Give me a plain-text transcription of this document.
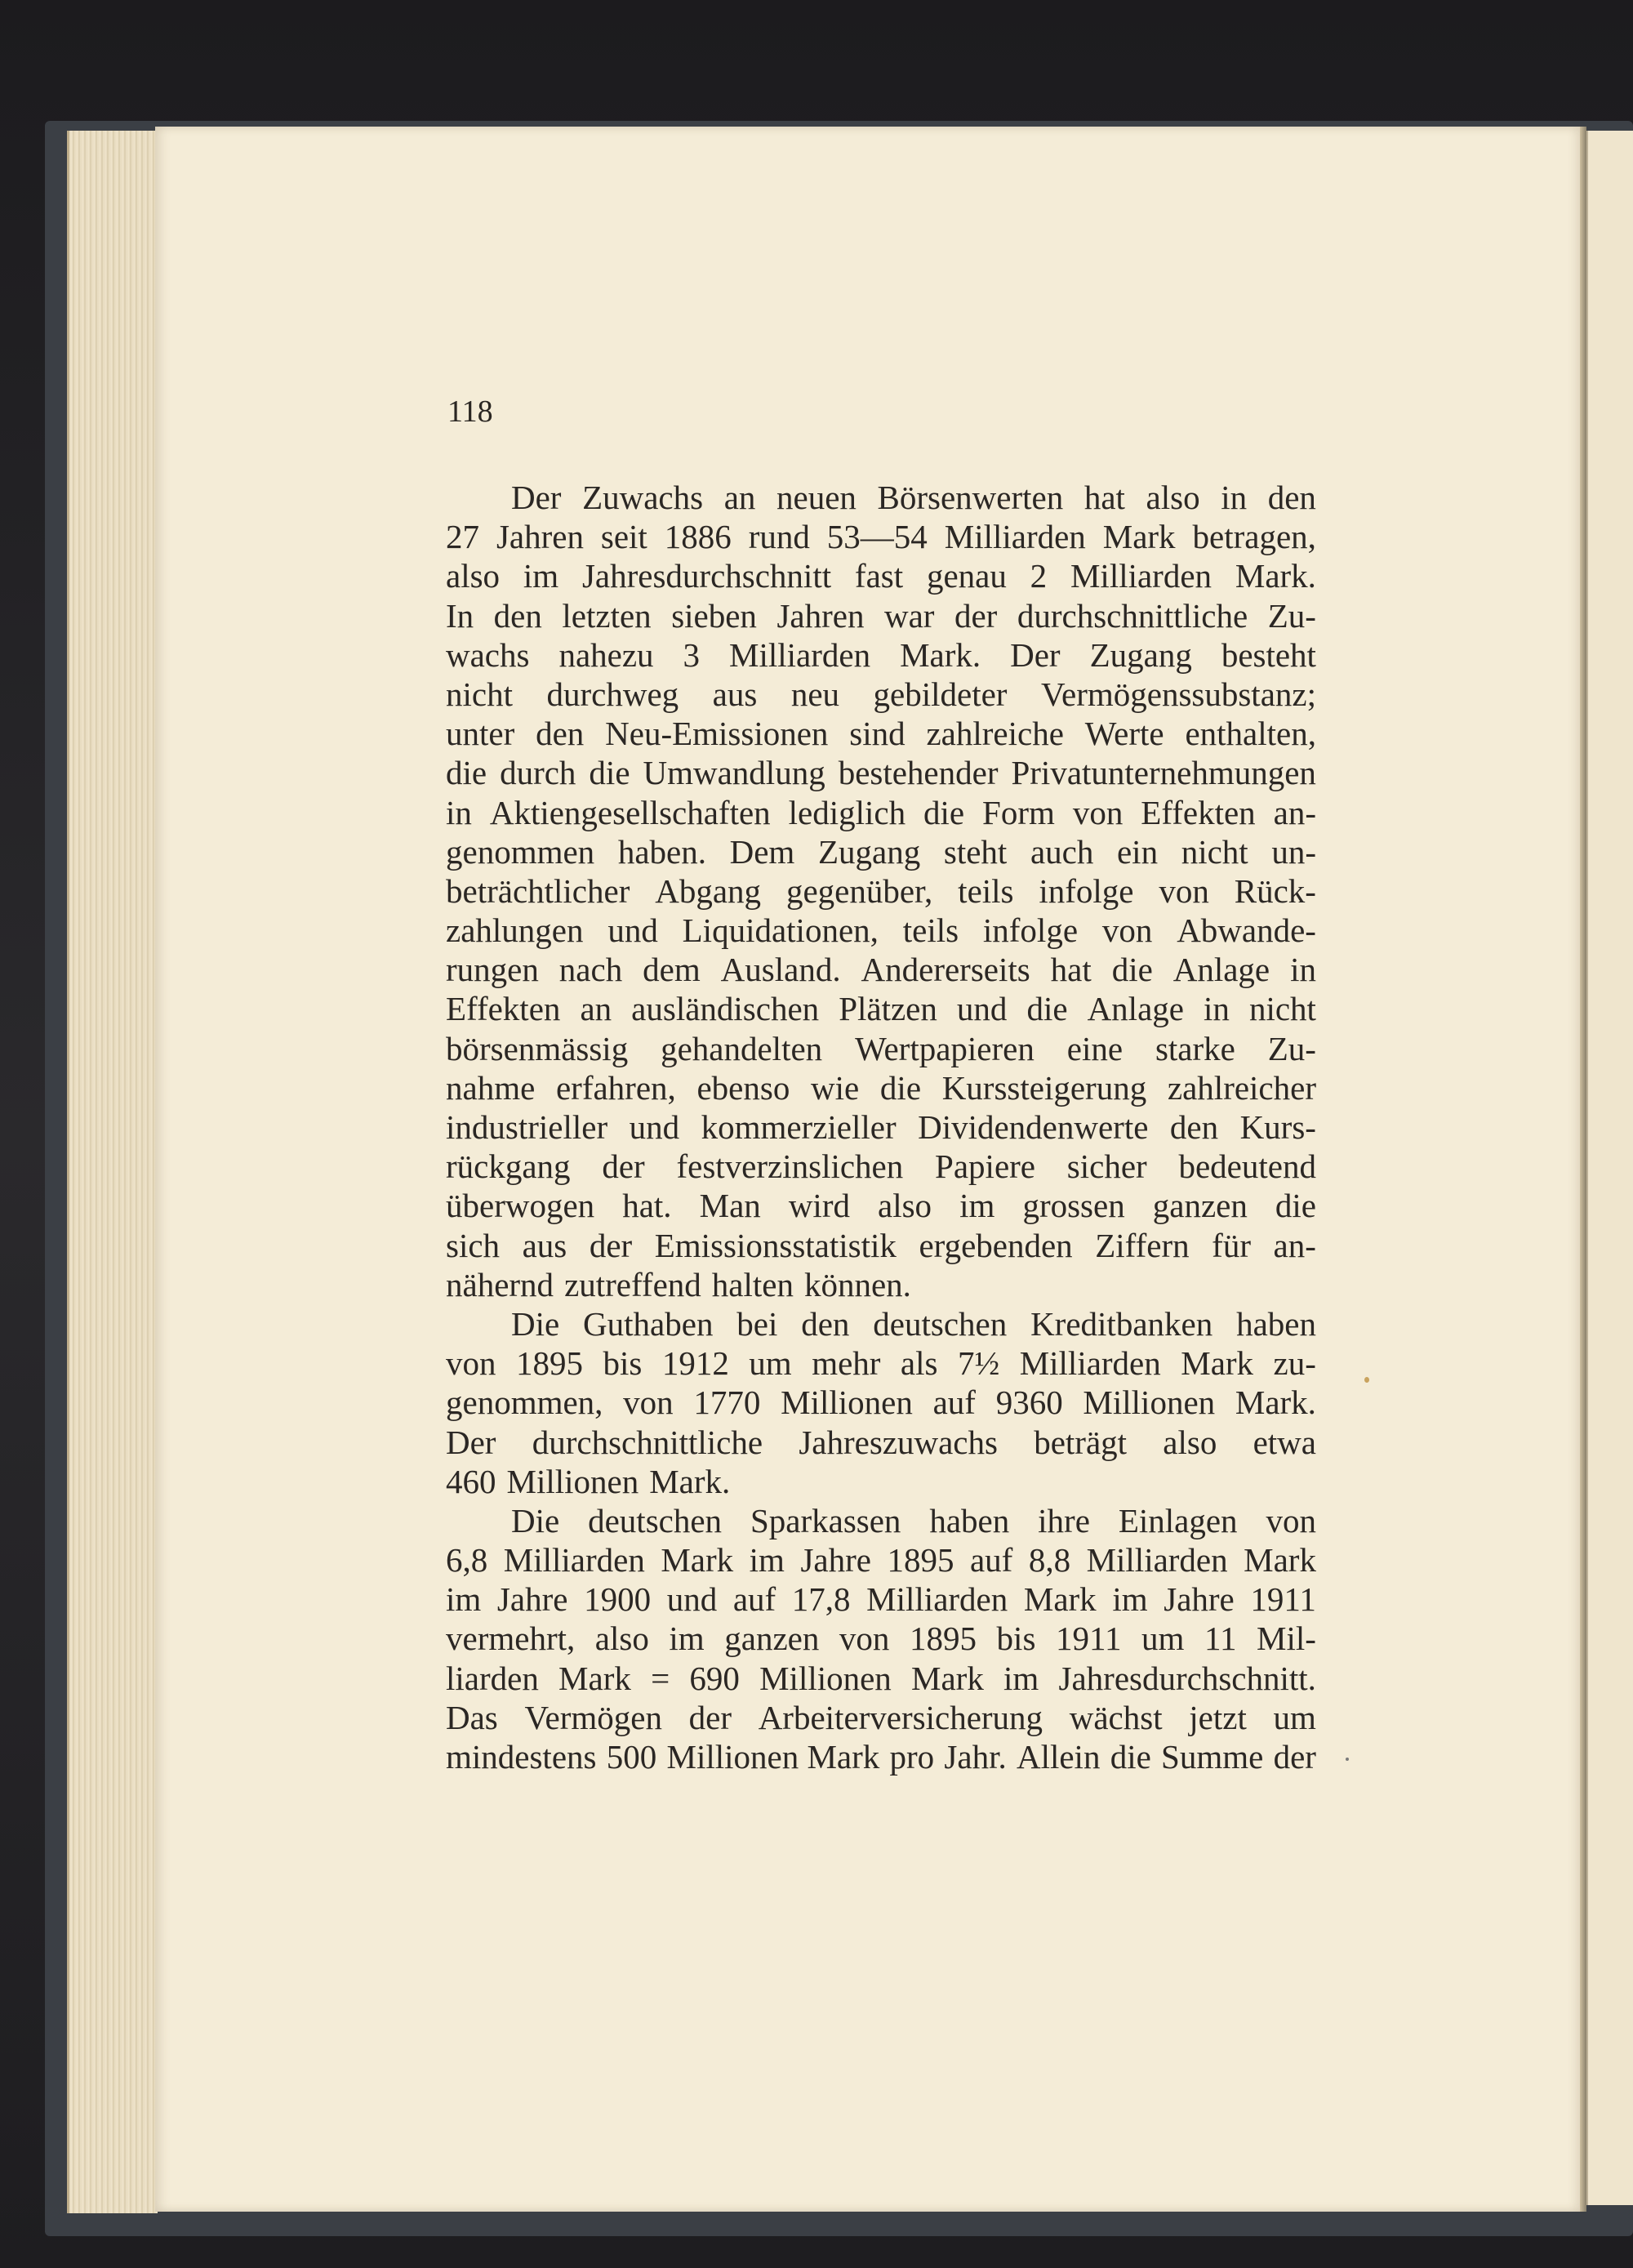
118
Der Zuwachs an neuen Börsenwerten hat also in den
27 Jahren seit 1886 rund 53—54 Milliarden Mark betragen,
also im Jahresdurchschnitt fast genau 2 Milliarden Mark.
In den letzten sieben Jahren war der durchschnittliche Zu-
wachs nahezu 3 Milliarden Mark. Der Zugang besteht
nicht durchweg aus neu gebildeter Vermögenssubstanz;
unter den Neu-Emissionen sind zahlreiche Werte enthalten,
die durch die Umwandlung bestehender Privatunternehmungen
in Aktiengesellschaften lediglich die Form von Effekten an-
genommen haben. Dem Zugang steht auch ein nicht un-
beträchtlicher Abgang gegenüber, teils infolge von Rück-
zahlungen und Liquidationen, teils infolge von Abwande-
rungen nach dem Ausland. Andererseits hat die Anlage in
Effekten an ausländischen Plätzen und die Anlage in nicht
börsenmässig gehandelten Wertpapieren eine starke Zu-
nahme erfahren, ebenso wie die Kurssteigerung zahlreicher
industrieller und kommerzieller Dividendenwerte den Kurs-
rückgang der festverzinslichen Papiere sicher bedeutend
überwogen hat. Man wird also im grossen ganzen die
sich aus der Emissionsstatistik ergebenden Ziffern für an-
nähernd zutreffend halten können.
Die Guthaben bei den deutschen Kreditbanken haben
von 1895 bis 1912 um mehr als 7½ Milliarden Mark zu-
genommen, von 1770 Millionen auf 9360 Millionen Mark.
Der durchschnittliche Jahreszuwachs beträgt also etwa
460 Millionen Mark.
Die deutschen Sparkassen haben ihre Einlagen von
6,8 Milliarden Mark im Jahre 1895 auf 8,8 Milliarden Mark
im Jahre 1900 und auf 17,8 Milliarden Mark im Jahre 1911
vermehrt, also im ganzen von 1895 bis 1911 um 11 Mil-
liarden Mark = 690 Millionen Mark im Jahresdurchschnitt.
Das Vermögen der Arbeiterversicherung wächst jetzt um
mindestens 500 Millionen Mark pro Jahr. Allein die Summe der
